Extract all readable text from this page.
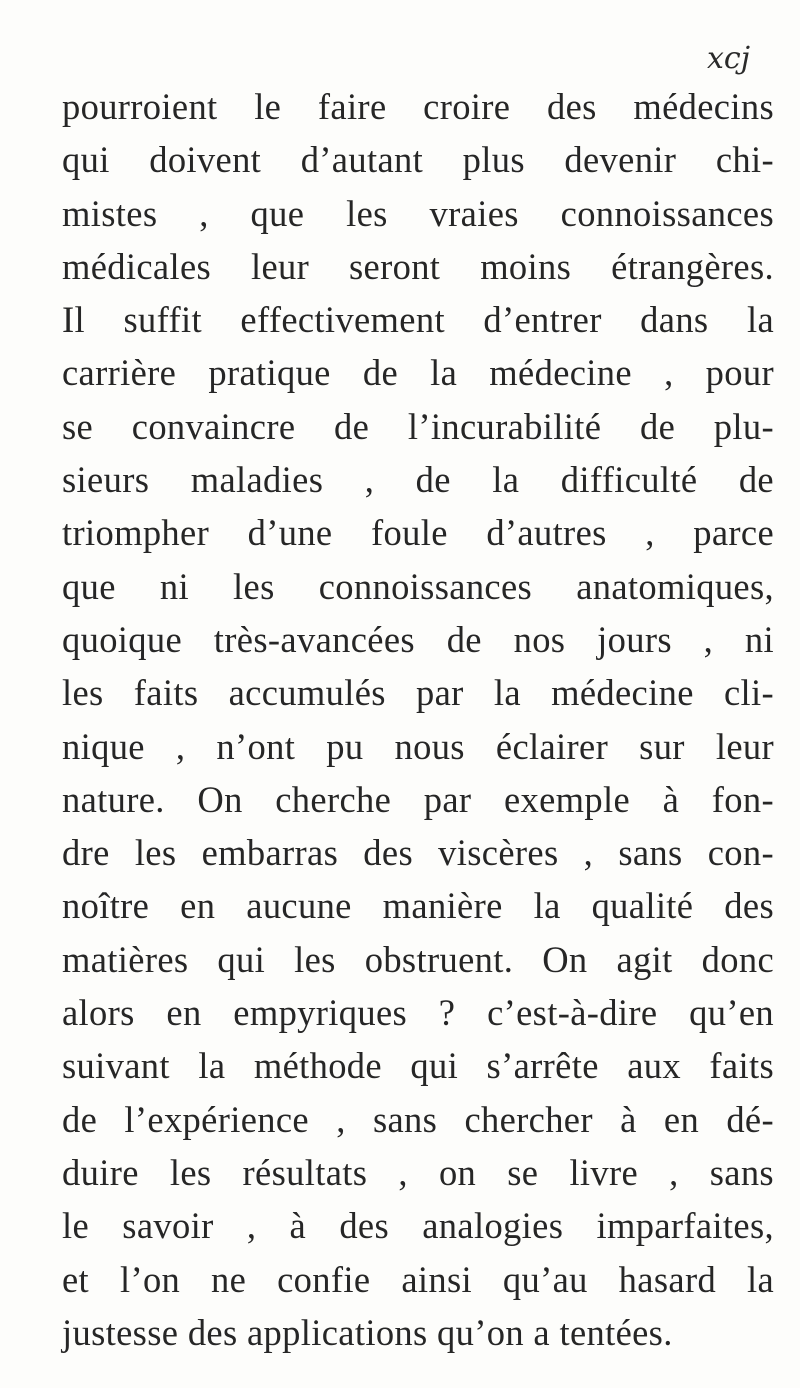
xcj
pourroient le faire croire des médecins
qui doivent d’autant plus devenir chi-
mistes , que les vraies connoissances
médicales leur seront moins étrangères.
Il suffit effectivement d’entrer dans la
carrière pratique de la médecine , pour
se convaincre de l’incurabilité de plu-
sieurs maladies , de la difficulté de
triompher d’une foule d’autres , parce
que ni les connoissances anatomiques,
quoique très-avancées de nos jours , ni
les faits accumulés par la médecine cli-
nique , n’ont pu nous éclairer sur leur
nature. On cherche par exemple à fon-
dre les embarras des viscères , sans con-
noître en aucune manière la qualité des
matières qui les obstruent. On agit donc
alors en empyriques ? c’est-à-dire qu’en
suivant la méthode qui s’arrête aux faits
de l’expérience , sans chercher à en dé-
duire les résultats , on se livre , sans
le savoir , à des analogies imparfaites,
et l’on ne confie ainsi qu’au hasard la
justesse des applications qu’on a tentées.
